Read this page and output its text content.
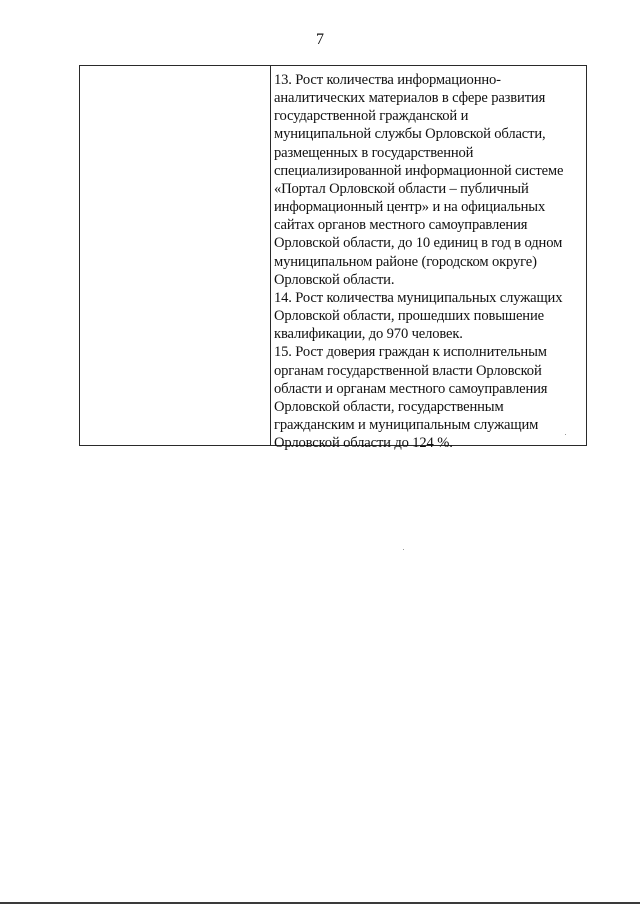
7
13. Рост количества информационно-
аналитических материалов в сфере развития
государственной гражданской и
муниципальной службы Орловской области,
размещенных в государственной
специализированной информационной системе
«Портал Орловской области – публичный
информационный центр» и на официальных
сайтах органов местного самоуправления
Орловской области, до 10 единиц в год в одном
муниципальном районе (городском округе)
Орловской области.
14. Рост количества муниципальных служащих
Орловской области, прошедших повышение
квалификации, до 970 человек.
15. Рост доверия граждан к исполнительным
органам государственной власти Орловской
области и органам местного самоуправления
Орловской области, государственным
гражданским и муниципальным служащим
Орловской области до 124 %.
